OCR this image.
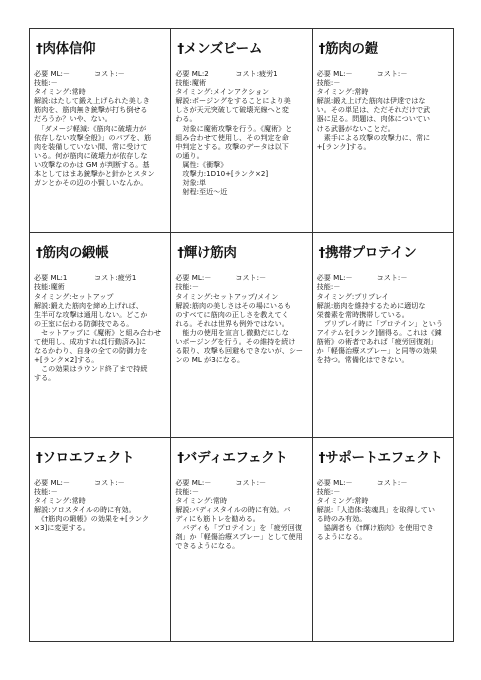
†肉体信仰
必要 ML:－	コスト:－
技能:－
タイミング:常時
解説:はたして鍛え上げられた美しき
筋肉を、筋肉無き銃撃が打ち倒せる
だろうか？いや、ない。
　「ダメージ軽減:《筋肉に破壊力が
依存しない攻撃全般》」のパブを、筋
肉を装備していない間、常に受けて
いる。何が筋肉に破壊力が依存しな
い攻撃なのかは GM が判断する。基
本としてはまあ銃撃かと針かとスタン
ガンとかその辺の小賢しいなんか。
†メンズビーム
必要 ML:2	コスト:疲労1
技能:魔術
タイミング:メインアクション
解説:ポージングをすることにより美
しさが天元突破して破壊光線へと変
わる。
　対象に魔術攻撃を行う。《魔術》と
組み合わせて使用し、その判定を命
中判定とする。攻撃のデータは以下
の通り。
　属性:《衝撃》
　攻撃力:1D10+[ランク×2]
　対象:単
　射程:至近～近
†筋肉の鎧
必要 ML:－	コスト:－
技能:－
タイミング:常時
解説:鍛え上げた筋肉は伊達ではな
い。その単足は、ただそれだけで武
器に足る。問題は、肉体についてい
ける武器がないことだ。
　素手による攻撃の攻撃力に、常に
+[ランク]する。
†筋肉の緞帳
必要 ML:1	コスト:疲労1
技能:魔術
タイミング:セットアップ
解説:鍛えた筋肉を締め上げれば、
生半可な攻撃は通用しない。どこか
の王室に伝わる防御技である。
　セットアップに《魔術》と組み合わせ
て使用し、成功すれば[行動済み]に
なるかわり、自身の全ての防御力を
+[ランク×2]する。
　この効果はラウンド終了まで持続
する。
†輝け筋肉
必要 ML:－	コスト:－
技能:－
タイミング:セットアップ/メイン
解説:筋肉の美しさはその場にいるも
のすべてに筋肉の正しさを教えてく
れる。それは世界も例外ではない。
　能力の使用を宣言し徹動だにしな
いポージングを行う。その維持を続け
る限り、攻撃も回避もできないが、シー
ンの ML が3になる。
†携帯プロテイン
必要 ML:－	コスト:－
技能:－
タイミング:プリプレイ
解説:筋肉を維持するために適切な
栄養素を常時携帯している。
　プリプレイ時に「プロテイン」という
アイテムを[ランク]個得る。これは《錬
筋術》の術者であれば「疲労回復剤」
か「軽傷治療スプレー」と同等の効果
を持つ。常備化はできない。
†ソロエフェクト
必要 ML:－	コスト:－
技能:－
タイミング:常時
解説:ソロスタイルの時に有効。
　《†筋肉の緞帳》の効果を+[ランク
×3]に変更する。
†バディエフェクト
必要 ML:－	コスト:－
技能:－
タイミング:常時
解説:バディスタイルの時に有効。バ
ディにも筋トレを勧める。
　バディも「プロテイン」を「疲労回復
剤」か「軽傷治療スプレー」として使用
できるようになる。
†サポートエフェクト
必要 ML:－	コスト:－
技能:－
タイミング:常時
解説:「人造体:装魂具」を取得してい
る時のみ有効。
　協調者も《†輝け筋肉》を使用でき
るようになる。
